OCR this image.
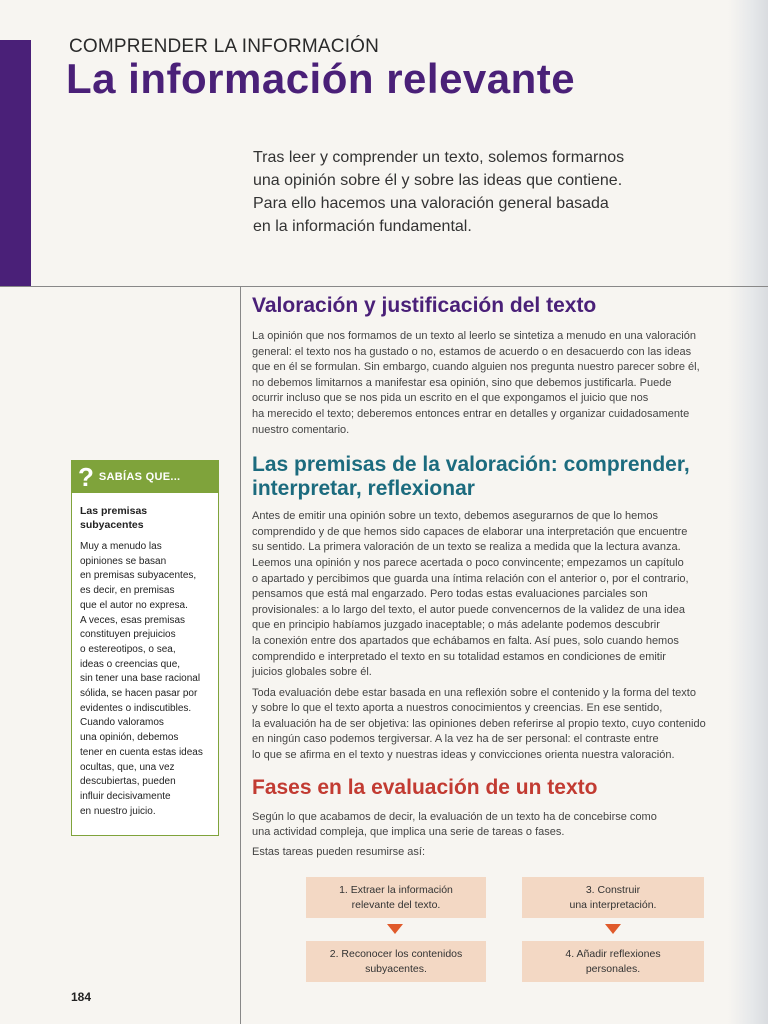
COMPRENDER LA INFORMACIÓN
La información relevante
Tras leer y comprender un texto, solemos formarnos
una opinión sobre él y sobre las ideas que contiene.
Para ello hacemos una valoración general basada
en la información fundamental.
Valoración y justificación del texto

La opinión que nos formamos de un texto al leerlo se sintetiza a menudo en una valoración
general: el texto nos ha gustado o no, estamos de acuerdo o en desacuerdo con las ideas
que en él se formulan. Sin embargo, cuando alguien nos pregunta nuestro parecer sobre él,
no debemos limitarnos a manifestar esa opinión, sino que debemos justificarla. Puede
ocurrir incluso que se nos pida un escrito en el que expongamos el juicio que nos
ha merecido el texto; deberemos entonces entrar en detalles y organizar cuidadosamente
nuestro comentario.

Las premisas de la valoración: comprender,
interpretar, reflexionar

Antes de emitir una opinión sobre un texto, debemos asegurarnos de que lo hemos
comprendido y de que hemos sido capaces de elaborar una interpretación que encuentre
su sentido. La primera valoración de un texto se realiza a medida que la lectura avanza.
Leemos una opinión y nos parece acertada o poco convincente; empezamos un capítulo
o apartado y percibimos que guarda una íntima relación con el anterior o, por el contrario,
pensamos que está mal engarzado. Pero todas estas evaluaciones parciales son
provisionales: a lo largo del texto, el autor puede convencernos de la validez de una idea
que en principio habíamos juzgado inaceptable; o más adelante podemos descubrir
la conexión entre dos apartados que echábamos en falta. Así pues, solo cuando hemos
comprendido e interpretado el texto en su totalidad estamos en condiciones de emitir
juicios globales sobre él.

Toda evaluación debe estar basada en una reflexión sobre el contenido y la forma del texto
y sobre lo que el texto aporta a nuestros conocimientos y creencias. En ese sentido,
la evaluación ha de ser objetiva: las opiniones deben referirse al propio texto, cuyo contenido
en ningún caso podemos tergiversar. A la vez ha de ser personal: el contraste entre
lo que se afirma en el texto y nuestras ideas y convicciones orienta nuestra valoración.

Fases en la evaluación de un texto

Según lo que acabamos de decir, la evaluación de un texto ha de concebirse como
una actividad compleja, que implica una serie de tareas o fases.

Estas tareas pueden resumirse así:

1. Extraer la información
relevante del texto.
2. Reconocer los contenidos
subyacentes.
3. Construir
una interpretación.
4. Añadir reflexiones
personales.
? SABÍAS QUE...
Las premisas
subyacentes
Muy a menudo las
opiniones se basan
en premisas subyacentes,
es decir, en premisas
que el autor no expresa.
A veces, esas premisas
constituyen prejuicios
o estereotipos, o sea,
ideas o creencias que,
sin tener una base racional
sólida, se hacen pasar por
evidentes o indiscutibles.
Cuando valoramos
una opinión, debemos
tener en cuenta estas ideas
ocultas, que, una vez
descubiertas, pueden
influir decisivamente
en nuestro juicio.
184
